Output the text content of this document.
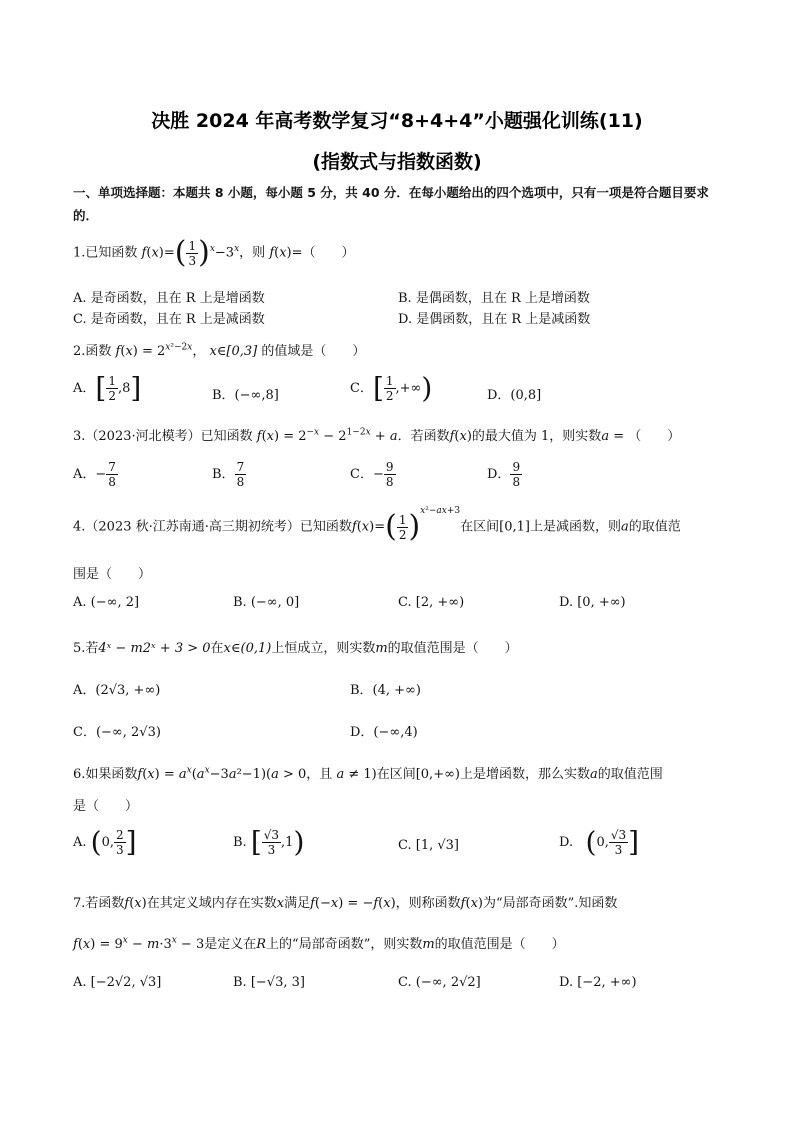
决胜 2024 年高考数学复习“8+4+4”小题强化训练(11)
(指数式与指数函数)
一、单项选择题：本题共 8 小题，每小题 5 分，共 40 分．在每小题给出的四个选项中，只有一项是符合题目要求的．
1.已知函数 $f(x)=( \frac{1}{3} )^x-3^x$，则 f(x)=（　　）
A. 是奇函数，且在 R 上是增函数	B. 是偶函数，且在 R 上是增函数
C. 是奇函数，且在 R 上是减函数	D. 是偶函数，且在 R 上是减函数
2.函数 $f(x) = 2^{x^2-2x}$， x∈[0,3] 的值域是（　　）
A．[ $\frac{1}{2} ,8$]	B．(−∞,8]	C．[ $\frac{1}{2}$ ,+∞)	D．(0,8]
3.（2023·河北模考）已知函数 $f(x) = 2^{-x} - 2^{1-2x} + a$．若函数f(x)的最大值为 1，则实数a = （　　）
A．− $\frac{7}{8}$	B． $\frac{7}{8}$	C．− $\frac{9}{8}$	D． $\frac{9}{8}$
4.（2023 秋·江苏南通·高三期初统考）已知函数$f(x)=( \frac{1}{2} )^{x^2-ax+3}$在区间[0,1]上是减函数，则a的取值范
围是（　　）
A. (−∞, 2]	B. (−∞, 0]	C. [2, +∞)	D. [0, +∞)
5.若4ˣ − m2ˣ + 3 > 0在x∈(0,1)上恒成立，则实数m的取值范围是（　　）
A．(2√3, +∞)	B．(4, +∞)
C．(−∞, 2√3)	D．(−∞,4)
6.如果函数$f(x) = a^x(a^x-3a^2-1)(a > 0$，且 a ≠ 1)在区间[0,+∞)上是增函数，那么实数a的取值范围
是（　　）
A. (0, $\frac{2}{3}$ ]	B. [ $\frac{√3}{3} ,1$)	C. [1, √3]	D. (0, $\frac{√3}{3}$ ]
7.若函数f(x)在其定义域内存在实数x满足f(−x) = −f(x)，则称函数f(x)为“局部奇函数”.知函数
$f(x) = 9^x - m\cdot 3^x - 3$是定义在R上的“局部奇函数”，则实数m的取值范围是（　　）
A. [−2√2, √3]	B. [−√3, 3]	C. (−∞, 2√2]	D. [−2, +∞)
